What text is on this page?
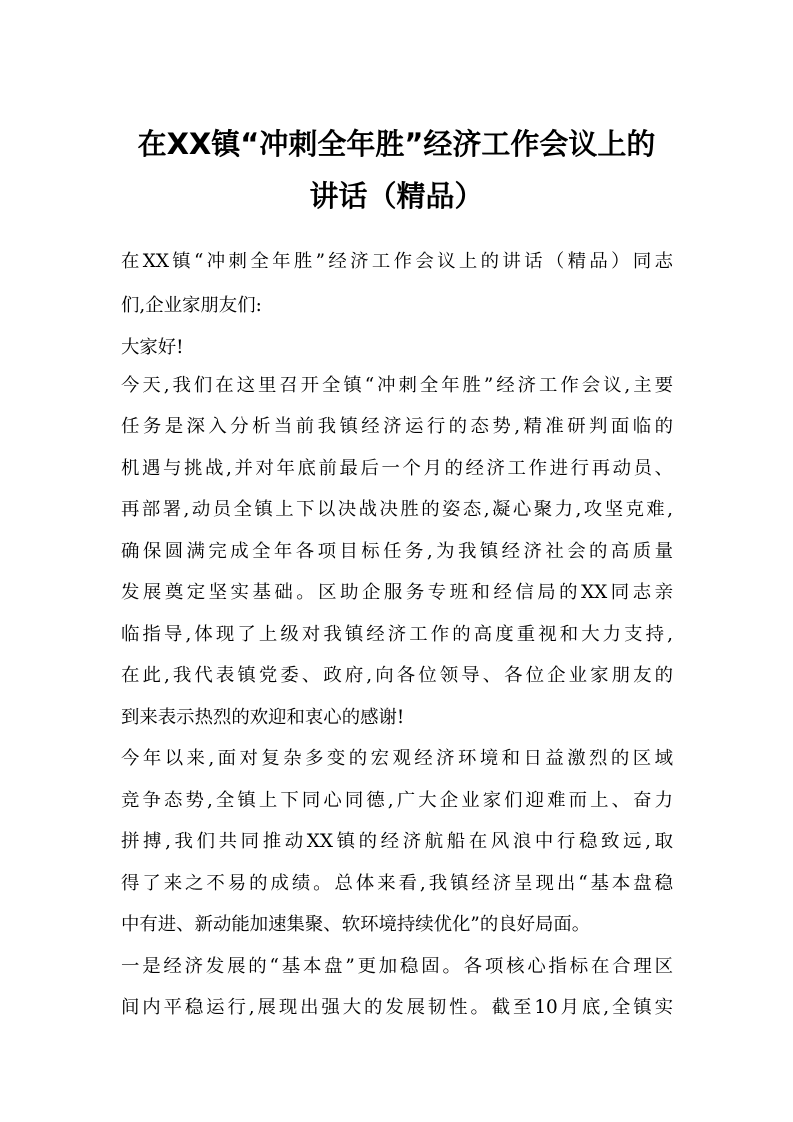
在XX镇“冲刺全年胜”经济工作会议上的
讲话（精品）
在XX镇“冲刺全年胜”经济工作会议上的讲话（精品）同志
们,企业家朋友们:
大家好!
今天,我们在这里召开全镇“冲刺全年胜”经济工作会议,主要
任务是深入分析当前我镇经济运行的态势,精准研判面临的
机遇与挑战,并对年底前最后一个月的经济工作进行再动员、
再部署,动员全镇上下以决战决胜的姿态,凝心聚力,攻坚克难,
确保圆满完成全年各项目标任务,为我镇经济社会的高质量
发展奠定坚实基础。区助企服务专班和经信局的XX同志亲
临指导,体现了上级对我镇经济工作的高度重视和大力支持,
在此,我代表镇党委、政府,向各位领导、各位企业家朋友的
到来表示热烈的欢迎和衷心的感谢!
今年以来,面对复杂多变的宏观经济环境和日益激烈的区域
竞争态势,全镇上下同心同德,广大企业家们迎难而上、奋力
拼搏,我们共同推动XX镇的经济航船在风浪中行稳致远,取
得了来之不易的成绩。总体来看,我镇经济呈现出“基本盘稳
中有进、新动能加速集聚、软环境持续优化”的良好局面。
一是经济发展的“基本盘”更加稳固。各项核心指标在合理区
间内平稳运行,展现出强大的发展韧性。截至10月底,全镇实
